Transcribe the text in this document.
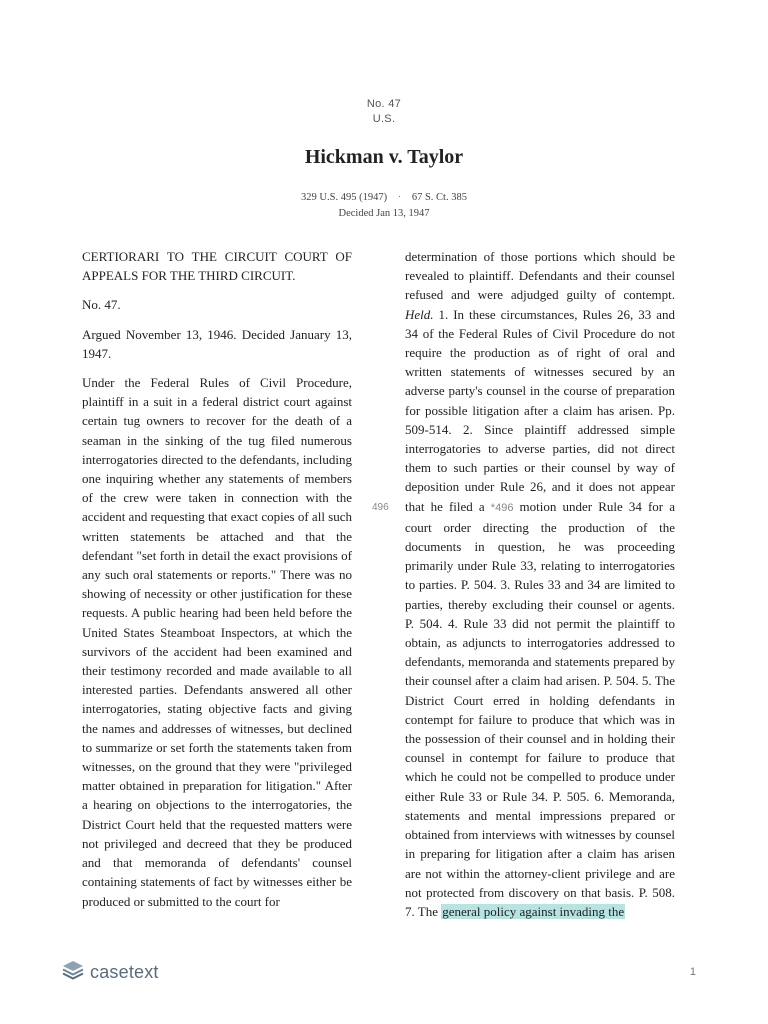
No. 47
U.S.
Hickman v. Taylor
329 U.S. 495 (1947) · 67 S. Ct. 385
Decided Jan 13, 1947

CERTIORARI TO THE CIRCUIT COURT OF APPEALS FOR THE THIRD CIRCUIT.

No. 47.

Argued November 13, 1946. Decided January 13, 1947.

Under the Federal Rules of Civil Procedure, plaintiff in a suit in a federal district court against certain tug owners to recover for the death of a seaman in the sinking of the tug filed numerous interrogatories directed to the defendants, including one inquiring whether any statements of members of the crew were taken in connection with the accident and requesting that exact copies of all such written statements be attached and that the defendant "set forth in detail the exact provisions of any such oral statements or reports." There was no showing of necessity or other justification for these requests. A public hearing had been held before the United States Steamboat Inspectors, at which the survivors of the accident had been examined and their testimony recorded and made available to all interested parties. Defendants answered all other interrogatories, stating objective facts and giving the names and addresses of witnesses, but declined to summarize or set forth the statements taken from witnesses, on the ground that they were "privileged matter obtained in preparation for litigation." After a hearing on objections to the interrogatories, the District Court held that the requested matters were not privileged and decreed that they be produced and that memoranda of defendants' counsel containing statements of fact by witnesses either be produced or submitted to the court for

496

determination of those portions which should be revealed to plaintiff. Defendants and their counsel refused and were adjudged guilty of contempt. Held. 1. In these circumstances, Rules 26, 33 and 34 of the Federal Rules of Civil Procedure do not require the production as of right of oral and written statements of witnesses secured by an adverse party's counsel in the course of preparation for possible litigation after a claim has arisen. Pp. 509-514. 2. Since plaintiff addressed simple interrogatories to adverse parties, did not direct them to such parties or their counsel by way of deposition under Rule 26, and it does not appear that he filed a *496 motion under Rule 34 for a court order directing the production of the documents in question, he was proceeding primarily under Rule 33, relating to interrogatories to parties. P. 504. 3. Rules 33 and 34 are limited to parties, thereby excluding their counsel or agents. P. 504. 4. Rule 33 did not permit the plaintiff to obtain, as adjuncts to interrogatories addressed to defendants, memoranda and statements prepared by their counsel after a claim had arisen. P. 504. 5. The District Court erred in holding defendants in contempt for failure to produce that which was in the possession of their counsel and in holding their counsel in contempt for failure to produce that which he could not be compelled to produce under either Rule 33 or Rule 34. P. 505. 6. Memoranda, statements and mental impressions prepared or obtained from interviews with witnesses by counsel in preparing for litigation after a claim has arisen are not within the attorney-client privilege and are not protected from discovery on that basis. P. 508. 7. The general policy against invading the

casetext	1
